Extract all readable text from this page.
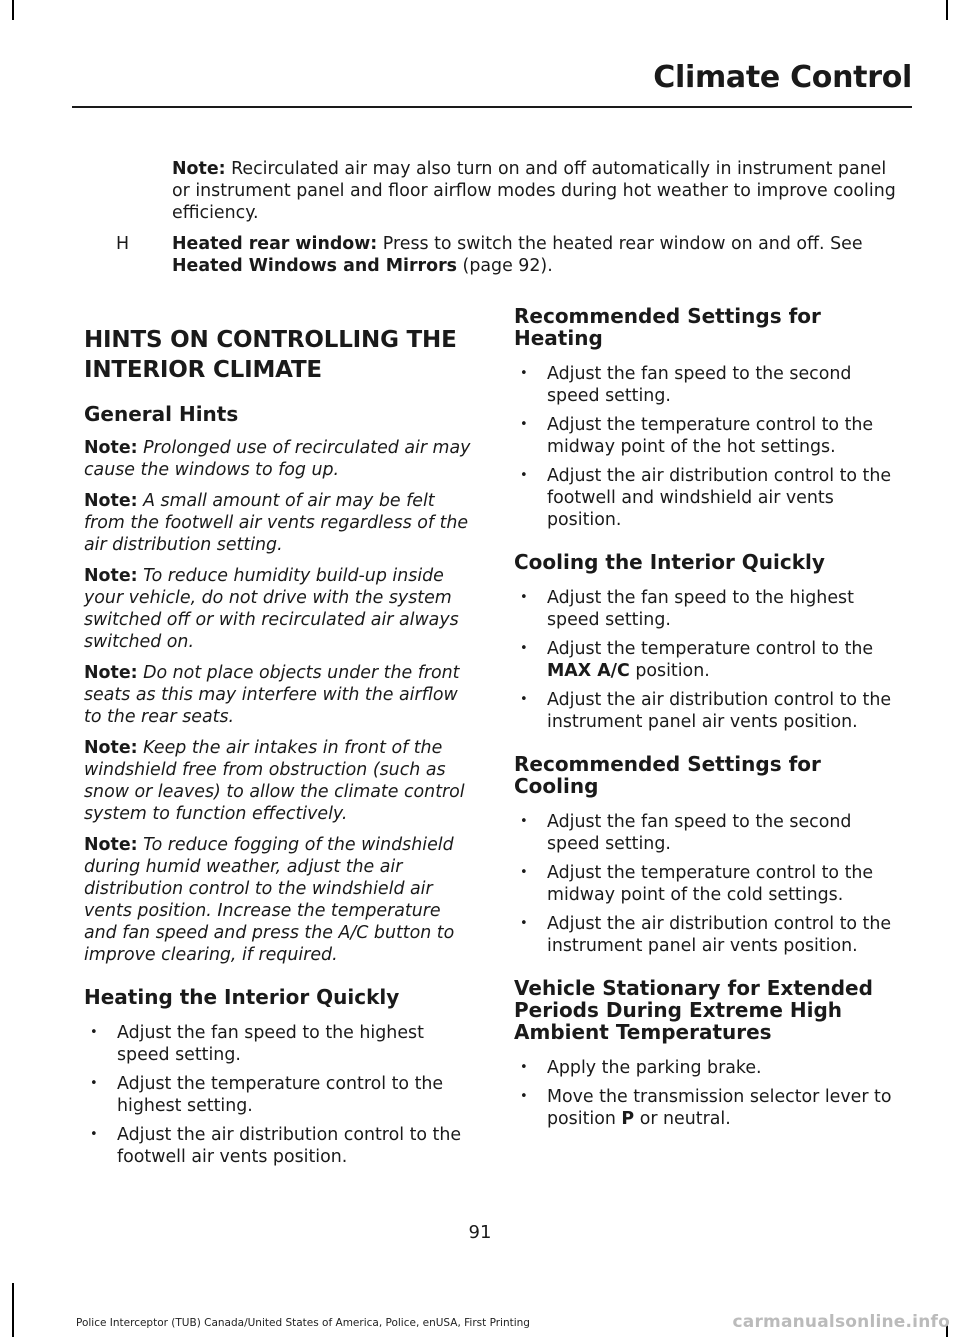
Climate Control
Note: Recirculated air may also turn on and off automatically in instrument panel or instrument panel and floor airflow modes during hot weather to improve cooling efficiency.
H Heated rear window: Press to switch the heated rear window on and off. See Heated Windows and Mirrors (page 92).
HINTS ON CONTROLLING THE
INTERIOR CLIMATE
General Hints

Note: Prolonged use of recirculated air may cause the windows to fog up.

Note: A small amount of air may be felt from the footwell air vents regardless of the air distribution setting.

Note: To reduce humidity build-up inside your vehicle, do not drive with the system switched off or with recirculated air always switched on.

Note: Do not place objects under the front seats as this may interfere with the airflow to the rear seats.

Note: Keep the air intakes in front of the windshield free from obstruction (such as snow or leaves) to allow the climate control system to function effectively.

Note: To reduce fogging of the windshield during humid weather, adjust the air distribution control to the windshield air vents position. Increase the temperature and fan speed and press the A/C button to improve clearing, if required.

Heating the Interior Quickly
• Adjust the fan speed to the highest speed setting.
• Adjust the temperature control to the highest setting.
• Adjust the air distribution control to the footwell air vents position.
Recommended Settings for Heating
• Adjust the fan speed to the second speed setting.
• Adjust the temperature control to the midway point of the hot settings.
• Adjust the air distribution control to the footwell and windshield air vents position.
Cooling the Interior Quickly
• Adjust the fan speed to the highest speed setting.
• Adjust the temperature control to the MAX A/C position.
• Adjust the air distribution control to the instrument panel air vents position.
Recommended Settings for Cooling
• Adjust the fan speed to the second speed setting.
• Adjust the temperature control to the midway point of the cold settings.
• Adjust the air distribution control to the instrument panel air vents position.
Vehicle Stationary for Extended Periods During Extreme High Ambient Temperatures
• Apply the parking brake.
• Move the transmission selector lever to position P or neutral.
91
Police Interceptor (TUB) Canada/United States of America, Police, enUSA, First Printing	carmanualsonline.info
